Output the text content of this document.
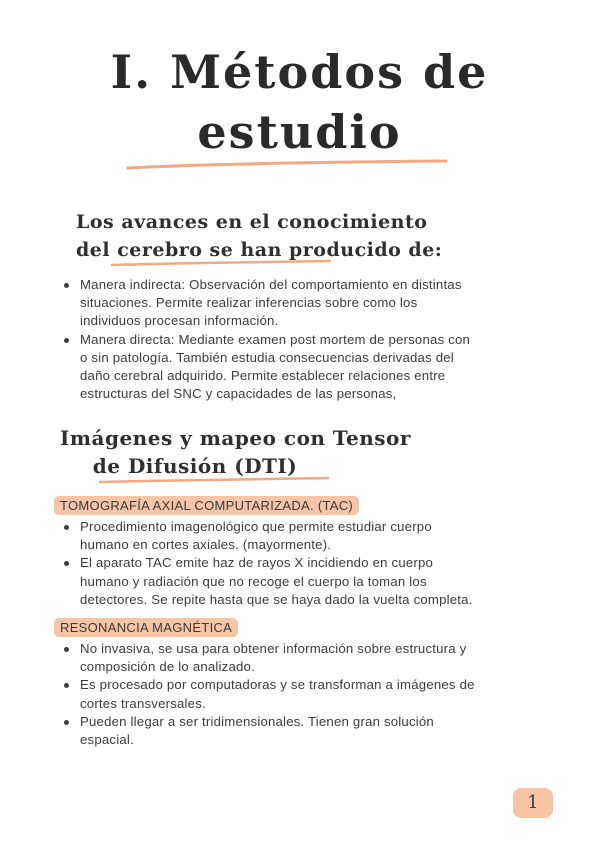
I. Métodos de
estudio
Los avances en el conocimiento
del cerebro se han producido de:
Manera indirecta: Observación del comportamiento en distintas
situaciones. Permite realizar inferencias sobre como los
individuos procesan información.
Manera directa: Mediante examen post mortem de personas con
o sin patología. También estudia consecuencias derivadas del
daño cerebral adquirido. Permite establecer relaciones entre
estructuras del SNC y capacidades de las personas,
Imágenes y mapeo con Tensor
de Difusión (DTI)
TOMOGRAFÍA AXIAL COMPUTARIZADA. (TAC)
Procedimiento imagenológico que permite estudiar cuerpo
humano en cortes axiales. (mayormente).
El aparato TAC emite haz de rayos X incidiendo en cuerpo
humano y radiación que no recoge el cuerpo la toman los
detectores. Se repite hasta que se haya dado la vuelta completa.
RESONANCIA MAGNÉTICA
No invasiva, se usa para obtener información sobre estructura y
composición de lo analizado.
Es procesado por computadoras y se transforman a imágenes de
cortes transversales.
Pueden llegar a ser tridimensionales. Tienen gran solución
espacial.
1
